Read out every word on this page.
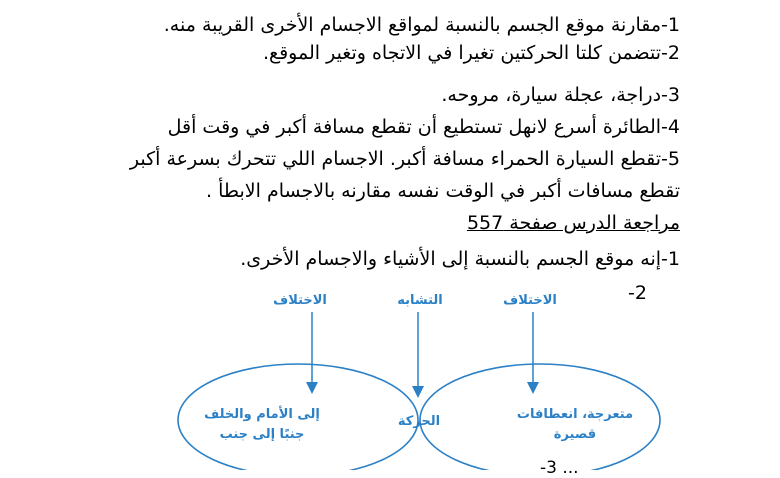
1-مقارنة موقع الجسم بالنسبة لمواقع الاجسام الأخرى القريبة منه.
2-تتضمن كلتا الحركتين تغيرا في الاتجاه وتغير الموقع.
3-دراجة، عجلة سيارة، مروحه.
4-الطائرة أسرع لانهل تستطيع أن تقطع مسافة أكبر في وقت أقل
5-تقطع السيارة الحمراء مسافة أكبر. الاجسام اللي تتحرك بسرعة أكبر
تقطع مسافات أكبر في الوقت نفسه مقارنه بالاجسام الابطأ .
مراجعة الدرس صفحة 557
1-إنه موقع الجسم بالنسبة إلى الأشياء والاجسام الأخرى.
-2
الاختلاف	التشابه	الاختلاف
إلى الأمام والخلف
جنبًا إلى جنب
الحركة	متعرجة، انعطافات
قصيرة
-3 ...
